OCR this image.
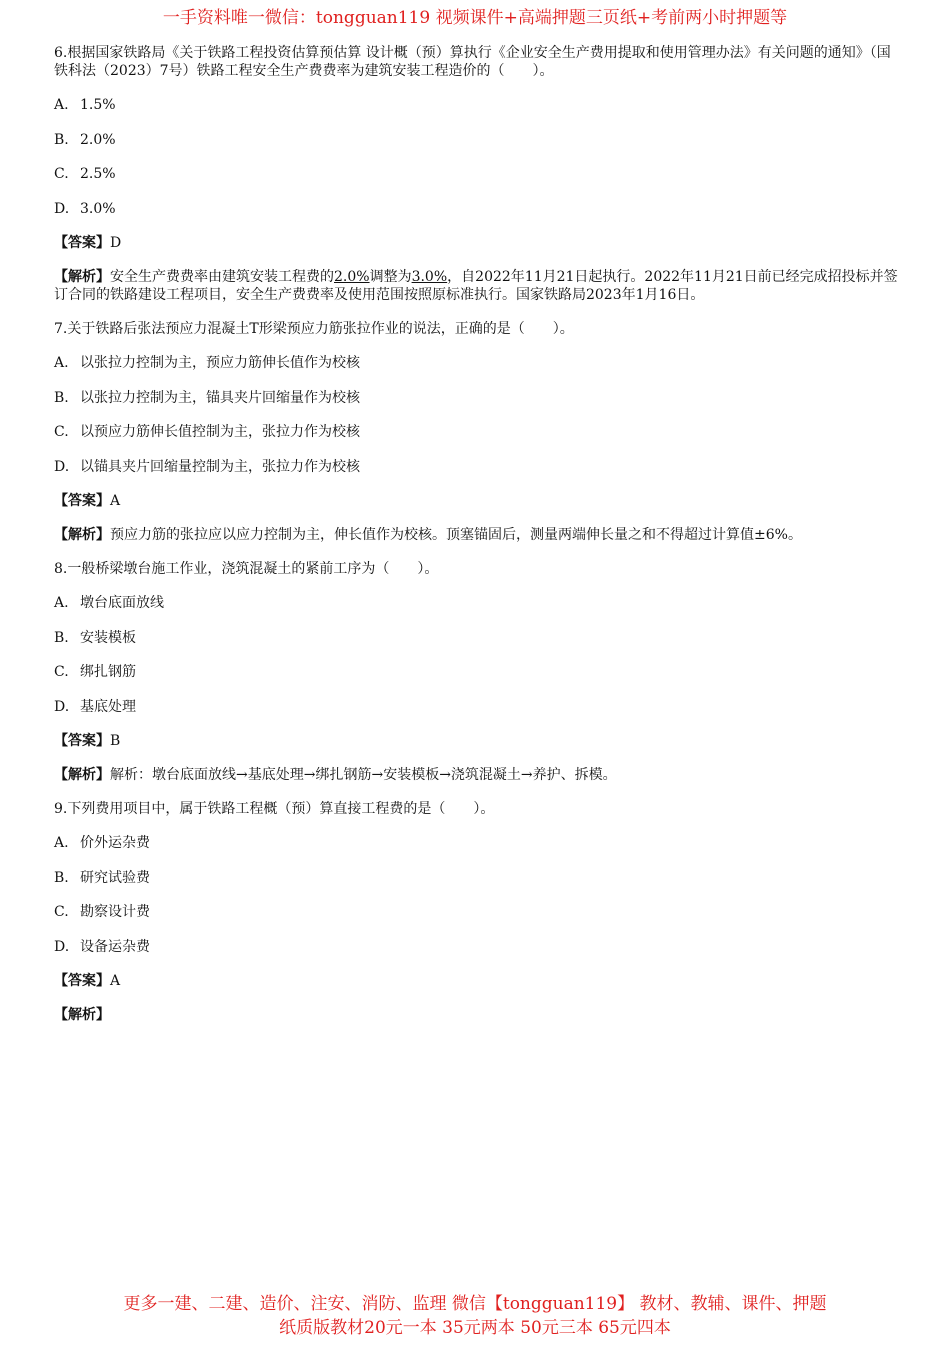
一手资料唯一微信：tongguan119 视频课件+高端押题三页纸+考前两小时押题等
6.根据国家铁路局《关于铁路工程投资估算预估算 设计概（预）算执行《企业安全生产费用提取和使用管理办法》有关问题的通知》（国铁科法（2023）7号）铁路工程安全生产费费率为建筑安装工程造价的（　　）。
A. 1.5%
B. 2.0%
C. 2.5%
D. 3.0%
【答案】D
【解析】安全生产费费率由建筑安装工程费的2.0%调整为3.0%，自2022年11月21日起执行。2022年11月21日前已经完成招投标并签订合同的铁路建设工程项目，安全生产费费率及使用范围按照原标准执行。国家铁路局2023年1月16日。
7.关于铁路后张法预应力混凝土T形梁预应力筋张拉作业的说法，正确的是（　　）。
A. 以张拉力控制为主，预应力筋伸长值作为校核
B. 以张拉力控制为主，锚具夹片回缩量作为校核
C. 以预应力筋伸长值控制为主，张拉力作为校核
D. 以锚具夹片回缩量控制为主，张拉力作为校核
【答案】A
【解析】预应力筋的张拉应以应力控制为主，伸长值作为校核。顶塞锚固后，测量两端伸长量之和不得超过计算值±6%。
8.一般桥梁墩台施工作业，浇筑混凝土的紧前工序为（　　）。
A. 墩台底面放线
B. 安装模板
C. 绑扎钢筋
D. 基底处理
【答案】B
【解析】解析：墩台底面放线→基底处理→绑扎钢筋→安装模板→浇筑混凝土→养护、拆模。
9.下列费用项目中，属于铁路工程概（预）算直接工程费的是（　　）。
A. 价外运杂费
B. 研究试验费
C. 勘察设计费
D. 设备运杂费
【答案】A
【解析】
更多一建、二建、造价、注安、消防、监理 微信【tongguan119】 教材、教辅、课件、押题
纸质版教材20元一本 35元两本 50元三本 65元四本
